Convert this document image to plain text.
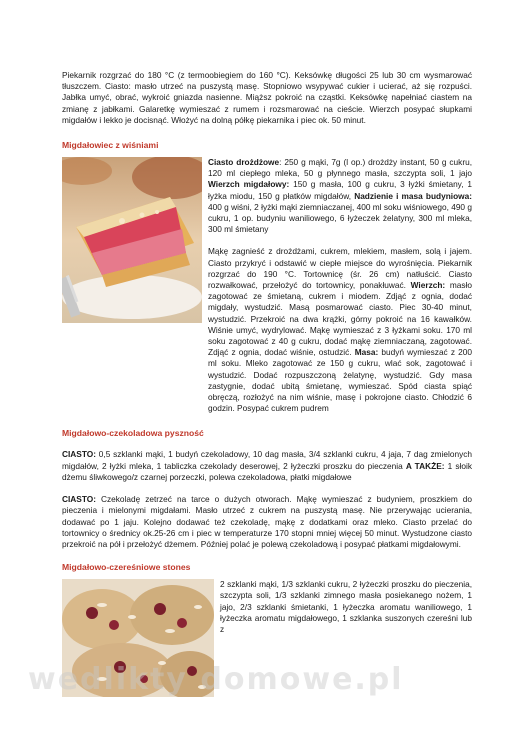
Piekarnik rozgrzać do 180 °C (z termoobiegiem do 160 °C). Keksówkę długości 25 lub 30 cm wysmarować tłuszczem. Ciasto: masło utrzeć na puszystą masę. Stopniowo wsypywać cukier i ucierać, aż się rozpuści. Jabłka umyć, obrać, wykroić gniazda nasienne. Miąższ pokroić na cząstki. Keksówkę napełniać ciastem na zmianę z jabłkami. Galaretkę wymieszać z rumem i rozsmarować na cieście. Wierzch posypać słupkami migdałów i lekko je docisnąć. Włożyć na dolną półkę piekarnika i piec ok. 50 minut.

Migdałowiec z wiśniami

Ciasto drożdżowe: 250 g mąki, 7g (l op.) drożdży instant, 50 g cukru, 120 ml ciepłego mleka, 50 g płynnego masła, szczypta soli, 1 jajo Wierzch migdałowy: 150 g masła, 100 g cukru, 3 łyżki śmietany, 1 łyżka miodu, 150 g płatków migdałów, Nadzienie i masa budyniowa: 400 g wiśni, 2 łyżki mąki ziemniaczanej, 400 ml soku wiśniowego, 490 g cukru, 1 op. budyniu waniliowego, 6 łyżeczek żelatyny, 300 ml mleka, 300 ml śmietany

Mąkę zagnieść z drożdżami, cukrem, mlekiem, masłem, solą i jajem. Ciasto przykryć i odstawić w ciepłe miejsce do wyrośnięcia. Piekarnik rozgrzać do 190 °C. Tortownicę (śr. 26 cm) natłuścić. Ciasto rozwałkować, przełożyć do tortownicy, ponakłuwać. Wierzch: masło zagotować ze śmietaną, cukrem i miodem. Zdjąć z ognia, dodać migdały, wystudzić. Masą posmarować ciasto. Piec 30-40 minut, wystudzić. Przekroić na dwa krążki, górny pokroić na 16 kawałków. Wiśnie umyć, wydrylować. Mąkę wymieszać z 3 łyżkami soku. 170 ml soku zagotować z 40 g cukru, dodać mąkę ziemniaczaną, zagotować. Zdjąć z ognia, dodać wiśnie, ostudzić. Masa: budyń wymieszać z 200 ml soku. Mleko zagotować ze 150 g cukru, wlać sok, zagotować i wystudzić. Dodać rozpuszczoną żelatynę, wystudzić. Gdy masa zastygnie, dodać ubitą śmietanę, wymieszać. Spód ciasta spiąć obręczą, rozłożyć na nim wiśnie, masę i pokrojone ciasto. Chłodzić 6 godzin. Posypać cukrem pudrem

Migdałowo-czekoladowa pyszność

CIASTO: 0,5 szklanki mąki, 1 budyń czekoladowy, 10 dag masła, 3/4 szklanki cukru, 4 jaja, 7 dag zmielonych migdałów, 2 łyżki mleka, 1 tabliczka czekolady deserowej, 2 łyżeczki proszku do pieczenia A TAKŻE: 1 słoik dżemu śliwkowego/z czarnej porzeczki, polewa czekoladowa, płatki migdałowe

CIASTO: Czekoladę zetrzeć na tarce o dużych otworach. Mąkę wymieszać z budyniem, proszkiem do pieczenia i mielonymi migdałami. Masło utrzeć z cukrem na puszystą masę. Nie przerywając ucierania, dodawać po 1 jaju. Kolejno dodawać też czekoladę, mąkę z dodatkami oraz mleko. Ciasto przelać do tortownicy o średnicy ok.25-26 cm i piec w temperaturze 170 stopni mniej więcej 50 minut. Wystudzone ciasto przekroić na pół i przełożyć dżemem. Później polać je polewą czekoladową i posypać płatkami migdałowymi.

Migdałowo-czereśniowe stones

2 szklanki mąki, 1/3 szklanki cukru, 2 łyżeczki proszku do pieczenia, szczypta soli, 1/3 szklanki zimnego masła posiekanego nożem, 1 jajo, 2/3 szklanki śmietanki, 1 łyżeczka aromatu waniliowego, 1 łyżeczka aromatu migdałowego, 1 szklanka suszonych czereśni lub z

wedlikty domowe.pl
